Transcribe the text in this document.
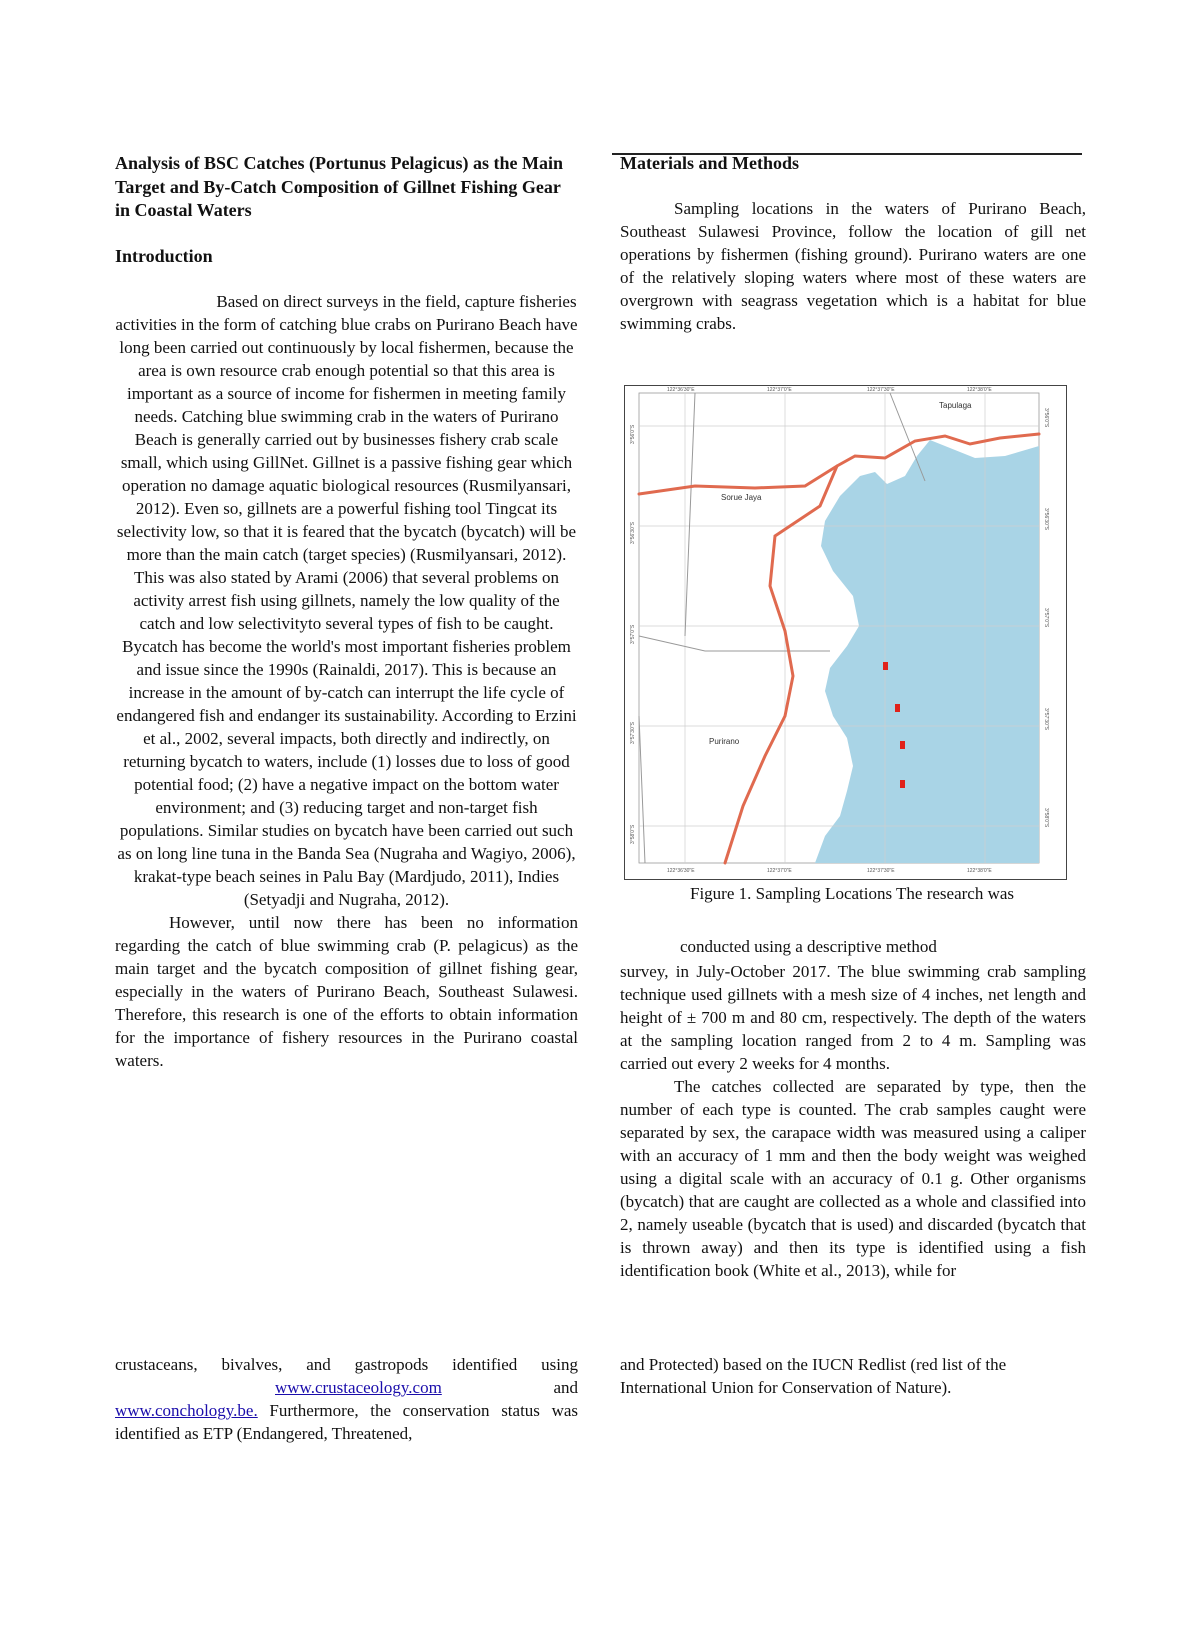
Analysis of BSC Catches (Portunus Pelagicus) as the Main Target and By-Catch Composition of Gillnet Fishing Gear in Coastal Waters
Introduction

Based on direct surveys in the field, capture fisheries activities in the form of catching blue crabs on Purirano Beach have long been carried out continuously by local fishermen, because the area is own resource crab enough potential so that this area is important as a source of income for fishermen in meeting family needs. Catching blue swimming crab in the waters of Purirano Beach is generally carried out by businesses fishery crab scale small, which using GillNet. Gillnet is a passive fishing gear which operation no damage aquatic biological resources (Rusmilyansari, 2012). Even so, gillnets are a powerful fishing tool Tingcat its selectivity low, so that it is feared that the bycatch (bycatch) will be more than the main catch (target species) (Rusmilyansari, 2012). This was also stated by Arami (2006) that several problems on activity arrest fish using gillnets, namely the low quality of the catch and low selectivityto several types of fish to be caught. Bycatch has become the world's most important fisheries problem and issue since the 1990s (Rainaldi, 2017). This is because an increase in the amount of by-catch can interrupt the life cycle of endangered fish and endanger its sustainability. According to Erzini et al., 2002, several impacts, both directly and indirectly, on returning bycatch to waters, include (1) losses due to loss of good potential food; (2) have a negative impact on the bottom water environment; and (3) reducing target and non-target fish populations. Similar studies on bycatch have been carried out such as on long line tuna in the Banda Sea (Nugraha and Wagiyo, 2006), krakat-type beach seines in Palu Bay (Mardjudo, 2011), Indies (Setyadji and Nugraha, 2012).

However, until now there has been no information regarding the catch of blue swimming crab (P. pelagicus) as the main target and the bycatch composition of gillnet fishing gear, especially in the waters of Purirano Beach, Southeast Sulawesi. Therefore, this research is one of the efforts to obtain information for the importance of fishery resources in the Purirano coastal waters.

crustaceans, bivalves, and gastropods identified using www.crustaceology.com	and www.conchology.be. Furthermore, the conservation status was identified as ETP (Endangered, Threatened,
Materials and Methods

Sampling locations in the waters of Purirano Beach, Southeast Sulawesi Province, follow the location of gill net operations by fishermen (fishing ground). Purirano waters are one of the relatively sloping waters where most of these waters are overgrown with seagrass vegetation which is a habitat for blue swimming crabs.

Tapulaga
Sorue Jaya
Purirano
122°36'30"E	122°37'0"E	122°37'30"E	122°38'0"E
122°36'30"E	122°37'0"E	122°37'30"E	122°38'0"E
3°56'0"S
3°56'30"S
3°57'0"S
3°57'30"S
3°58'0"S
3°56'0"S
3°56'30"S
3°57'0"S
3°57'30"S
3°58'0"S
Figure 1. Sampling Locations The research was
conducted using a descriptive method

survey, in July-October 2017. The blue swimming crab sampling technique used gillnets with a mesh size of 4 inches, net length and height of ± 700 m and 80 cm, respectively. The depth of the waters at the sampling location ranged from 2 to 4 m. Sampling was carried out every 2 weeks for 4 months.

The catches collected are separated by type, then the number of each type is counted. The crab samples caught were separated by sex, the carapace width was measured using a caliper with an accuracy of 1 mm and then the body weight was weighed using a digital scale with an accuracy of 0.1 g. Other organisms (bycatch) that are caught are collected as a whole and classified into 2, namely useable (bycatch that is used) and discarded (bycatch that is thrown away) and then its type is identified using a fish identification book (White et al., 2013), while for

and Protected) based on the IUCN Redlist (red list of the International Union for Conservation of Nature).
